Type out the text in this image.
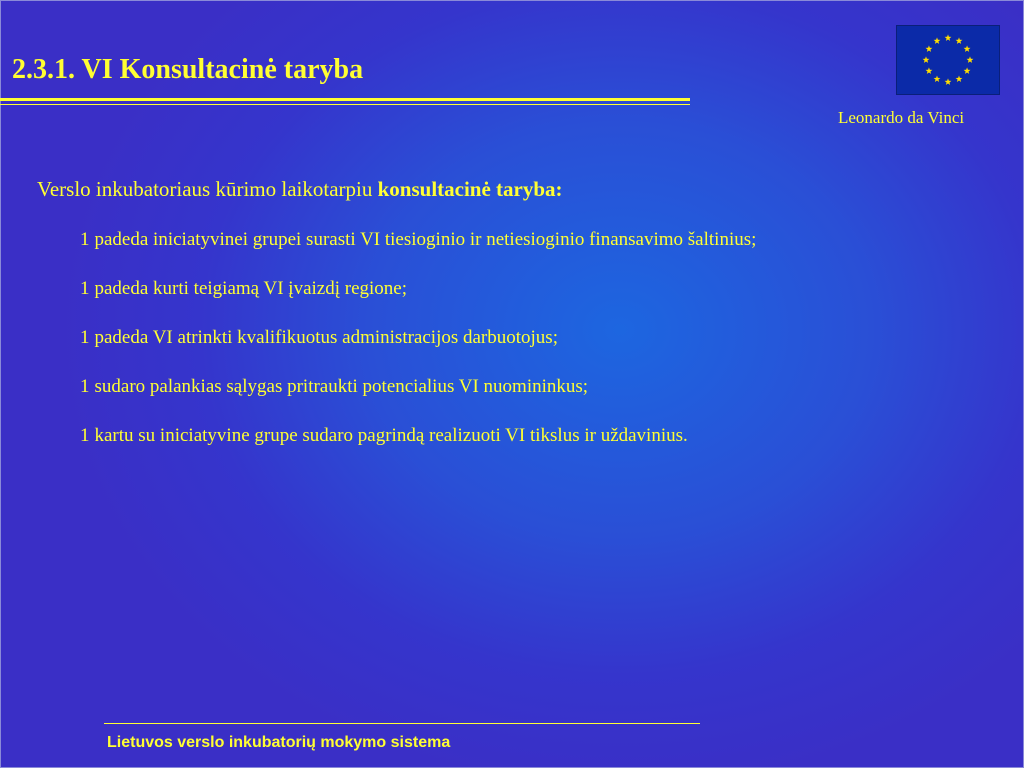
2.3.1. VI Konsultacinė taryba
Leonardo da Vinci
Verslo inkubatoriaus kūrimo laikotarpiu konsultacinė taryba:
1 padeda iniciatyvinei grupei surasti VI tiesioginio ir netiesioginio finansavimo šaltinius;
1 padeda kurti teigiamą VI įvaizdį regione;
1 padeda VI atrinkti kvalifikuotus administracijos darbuotojus;
1 sudaro palankias sąlygas pritraukti potencialius VI nuomininkus;
1 kartu su iniciatyvine grupe sudaro pagrindą realizuoti VI tikslus ir uždavinius.
Lietuvos verslo inkubatorių mokymo sistema
